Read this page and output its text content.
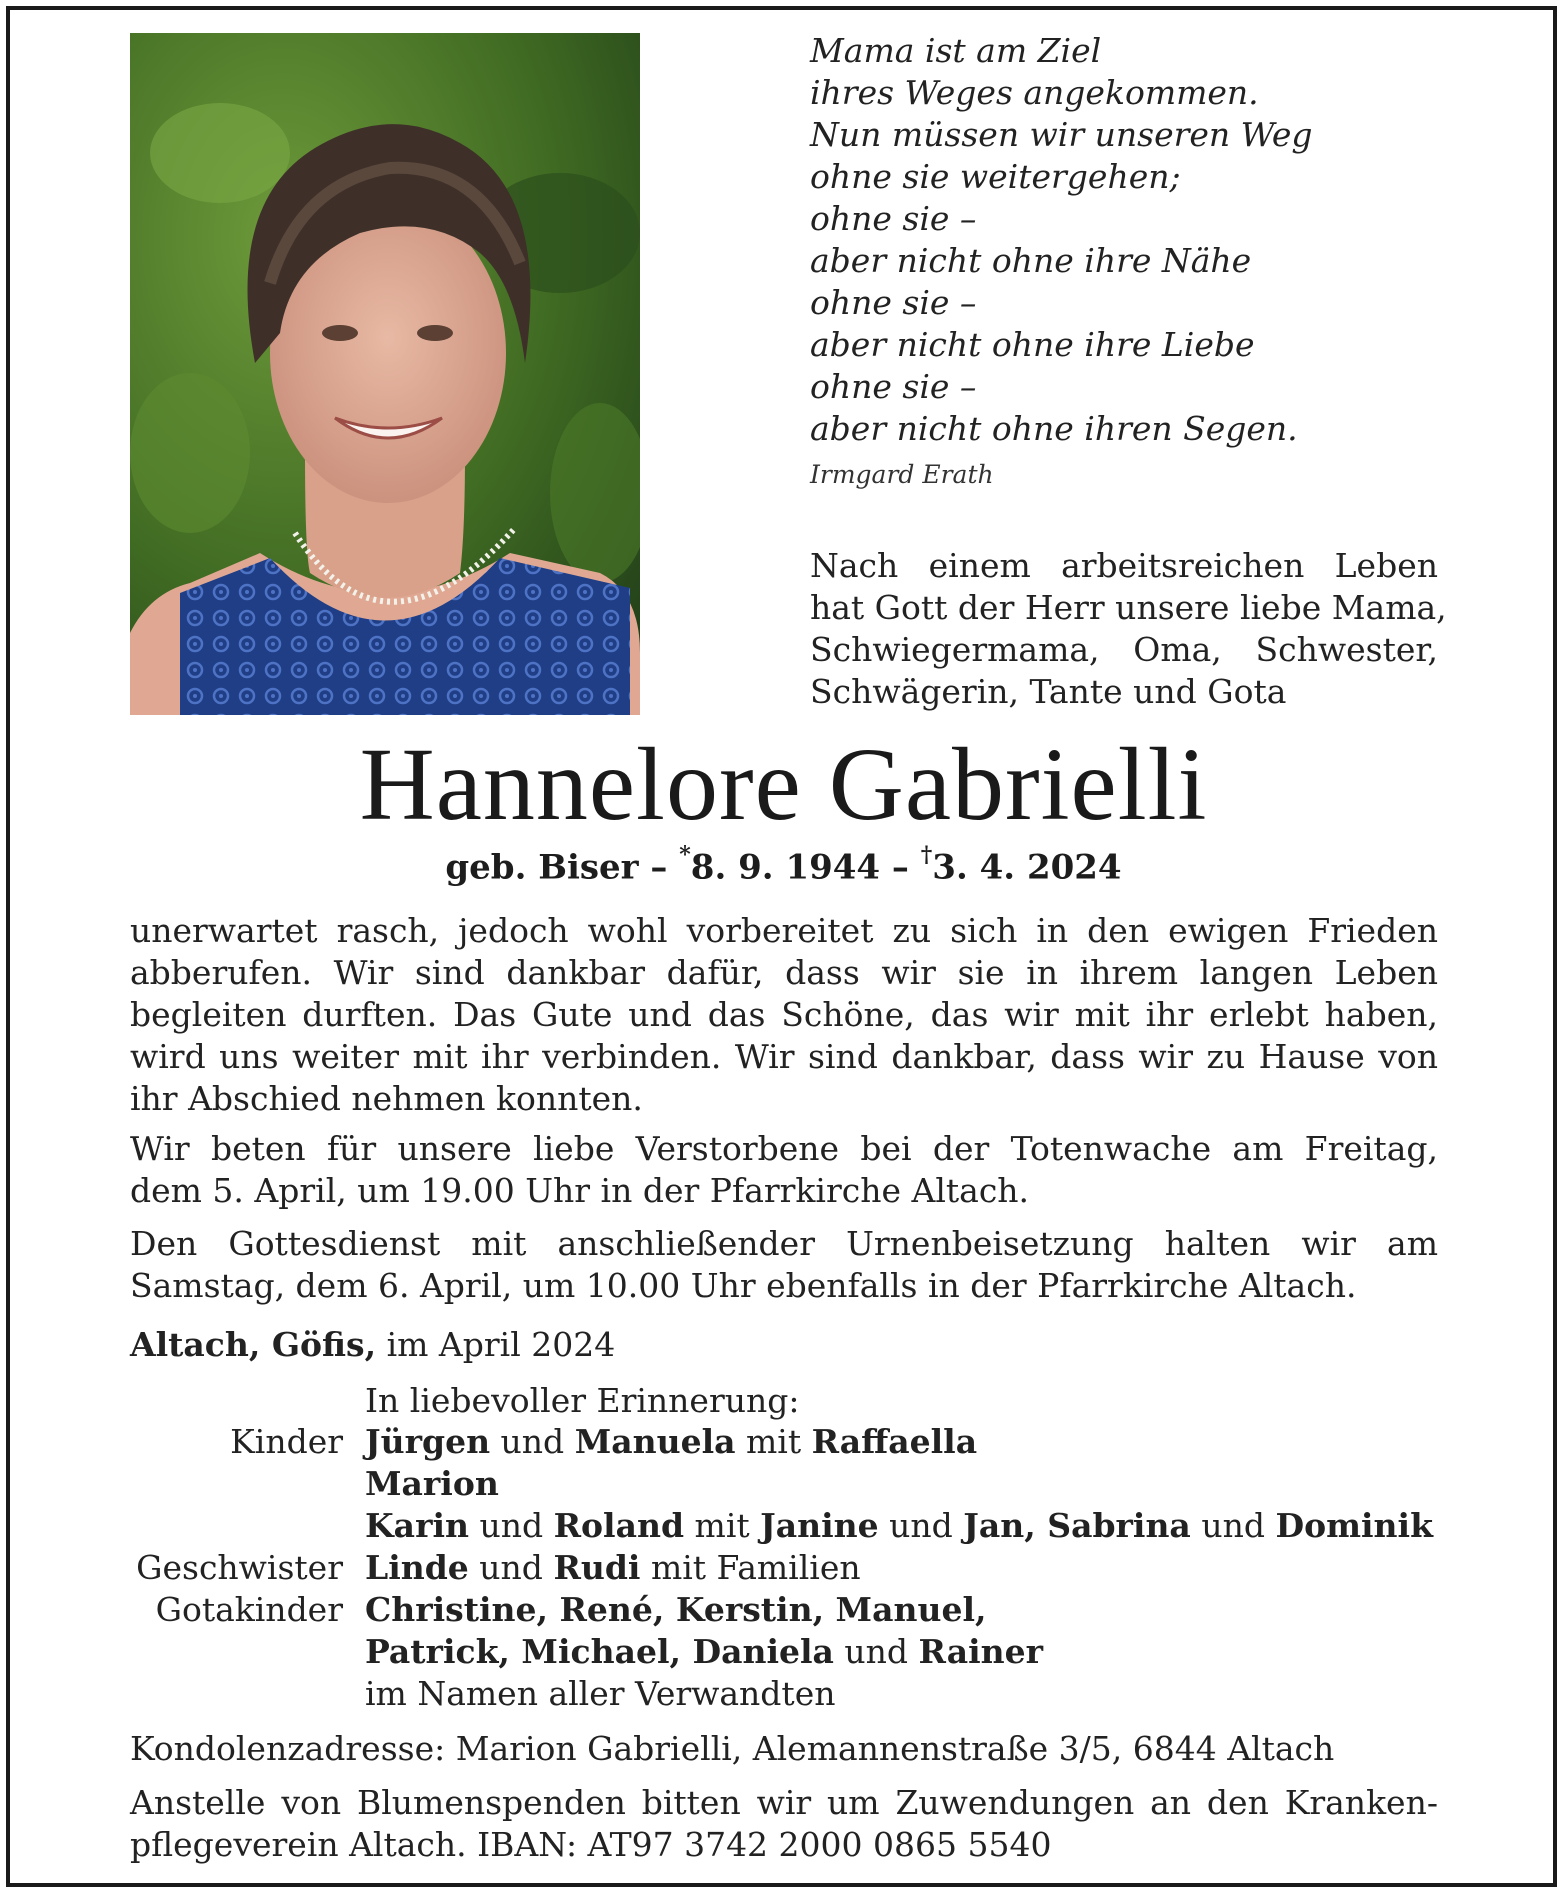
Mama ist am Ziel
ihres Weges angekommen.
Nun müssen wir unseren Weg
ohne sie weitergehen;
ohne sie –
aber nicht ohne ihre Nähe
ohne sie –
aber nicht ohne ihre Liebe
ohne sie –
aber nicht ohne ihren Segen.
Irmgard Erath
Nach einem arbeitsreichen Leben
hat Gott der Herr unsere liebe Mama,
Schwiegermama, Oma, Schwester,
Schwägerin, Tante und Gota
Hannelore Gabrielli
geb. Biser – *8. 9. 1944 – †3. 4. 2024
unerwartet rasch, jedoch wohl vorbereitet zu sich in den ewigen Frieden
abberufen. Wir sind dankbar dafür, dass wir sie in ihrem langen Leben
begleiten durften. Das Gute und das Schöne, das wir mit ihr erlebt haben,
wird uns weiter mit ihr verbinden. Wir sind dankbar, dass wir zu Hause von
ihr Abschied nehmen konnten.
Wir beten für unsere liebe Verstorbene bei der Totenwache am Freitag,
dem 5. April, um 19.00 Uhr in der Pfarrkirche Altach.
Den Gottesdienst mit anschließender Urnenbeisetzung halten wir am
Samstag, dem 6. April, um 10.00 Uhr ebenfalls in der Pfarrkirche Altach.
Altach, Göfis, im April 2024
In liebevoller Erinnerung:
Kinder Jürgen und Manuela mit Raffaella
Marion
Karin und Roland mit Janine und Jan, Sabrina und Dominik
Geschwister Linde und Rudi mit Familien
Gotakinder Christine, René, Kerstin, Manuel,
Patrick, Michael, Daniela und Rainer
im Namen aller Verwandten
Kondolenzadresse: Marion Gabrielli, Alemannenstraße 3/5, 6844 Altach
Anstelle von Blumenspenden bitten wir um Zuwendungen an den Kranken-
pflegeverein Altach. IBAN: AT97 3742 2000 0865 5540
